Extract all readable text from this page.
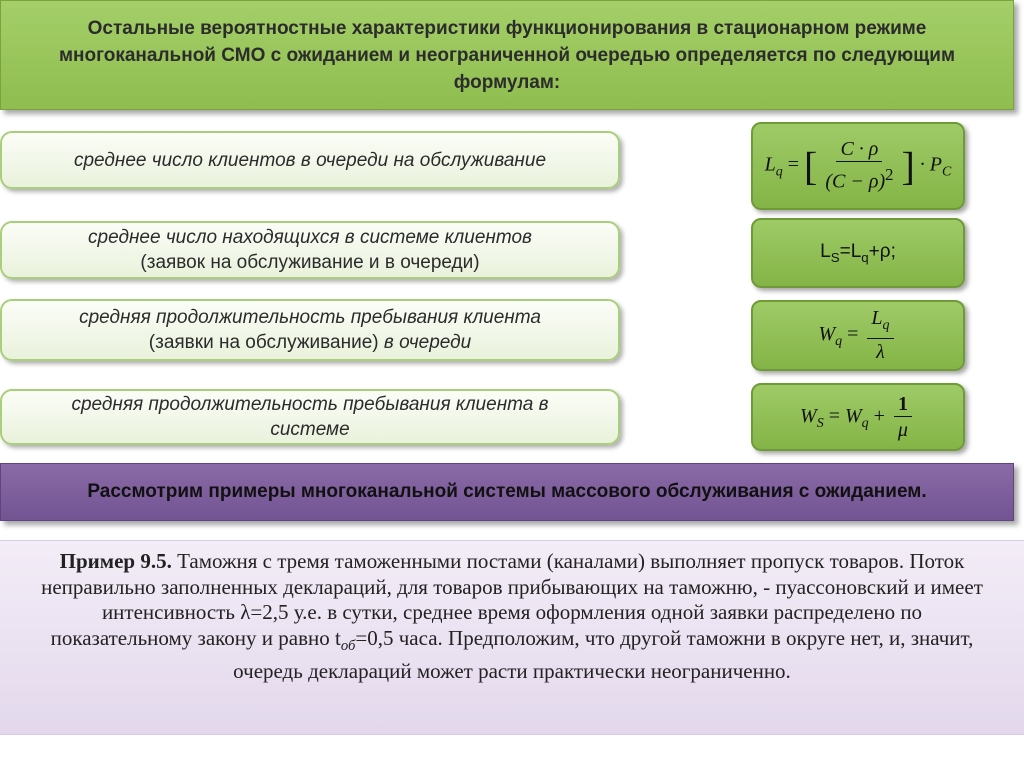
Остальные вероятностные характеристики функционирования в стационарном режиме многоканальной СМО с ожиданием и неограниченной очередью определяется по следующим формулам:
среднее число клиентов в очереди на обслуживание	$L_q$ = [ $\frac{C \cdot \rho}{(C - \rho)^2}$ ] · $P_C$
среднее число находящихся в системе клиентов
(заявок на обслуживание и в очереди)
$L_S=L_q+\rho$;
средняя продолжительность пребывания клиента
(заявки на обслуживание) в очереди	$W_q = \frac{L_q}{\lambda}$
средняя продолжительность пребывания клиента в
системе
$W_S = W_q + \frac{1}{\mu}$
Рассмотрим примеры многоканальной системы массового обслуживания с ожиданием.
Пример 9.5. Таможня с тремя таможенными постами (каналами) выполняет пропуск товаров. Поток неправильно заполненных деклараций, для товаров прибывающих на таможню, - пуассоновский и имеет интенсивность λ=2,5 у.е. в сутки, среднее время оформления одной заявки распределено по показательному закону и равно $t_{об}=0,5$ часа. Предположим, что другой таможни в округе нет, и, значит, очередь деклараций может расти практически неограниченно.
